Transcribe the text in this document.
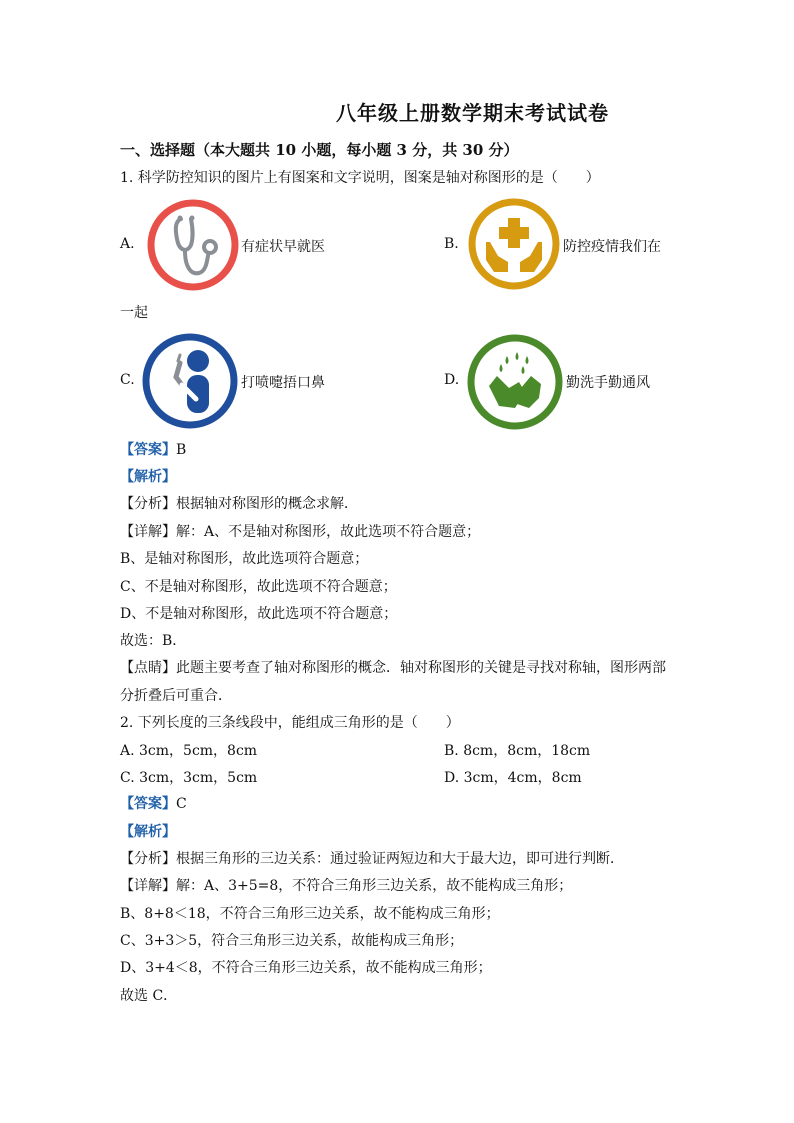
八年级上册数学期末考试试卷
一、选择题（本大题共 10 小题，每小题 3 分，共 30 分）
1. 科学防控知识的图片上有图案和文字说明，图案是轴对称图形的是（　　）
A.	有症状早就医	B.	防控疫情我们在
一起
C.	打喷嚏捂口鼻	D.	勤洗手勤通风
【答案】B
【解析】
【分析】根据轴对称图形的概念求解．
【详解】解：A、不是轴对称图形，故此选项不符合题意；
B、是轴对称图形，故此选项符合题意；
C、不是轴对称图形，故此选项不符合题意；
D、不是轴对称图形，故此选项不符合题意；
故选：B．
【点睛】此题主要考查了轴对称图形的概念．轴对称图形的关键是寻找对称轴，图形两部
分折叠后可重合．
2. 下列长度的三条线段中，能组成三角形的是（　　）
A. 3cm，5cm，8cm	B. 8cm，8cm，18cm
C. 3cm，3cm，5cm	D. 3cm，4cm，8cm
【答案】C
【解析】
【分析】根据三角形的三边关系：通过验证两短边和大于最大边，即可进行判断．
【详解】解：A、3+5=8，不符合三角形三边关系，故不能构成三角形；
B、8+8＜18，不符合三角形三边关系，故不能构成三角形；
C、3+3＞5，符合三角形三边关系，故能构成三角形；
D、3+4＜8，不符合三角形三边关系，故不能构成三角形；
故选 C．
